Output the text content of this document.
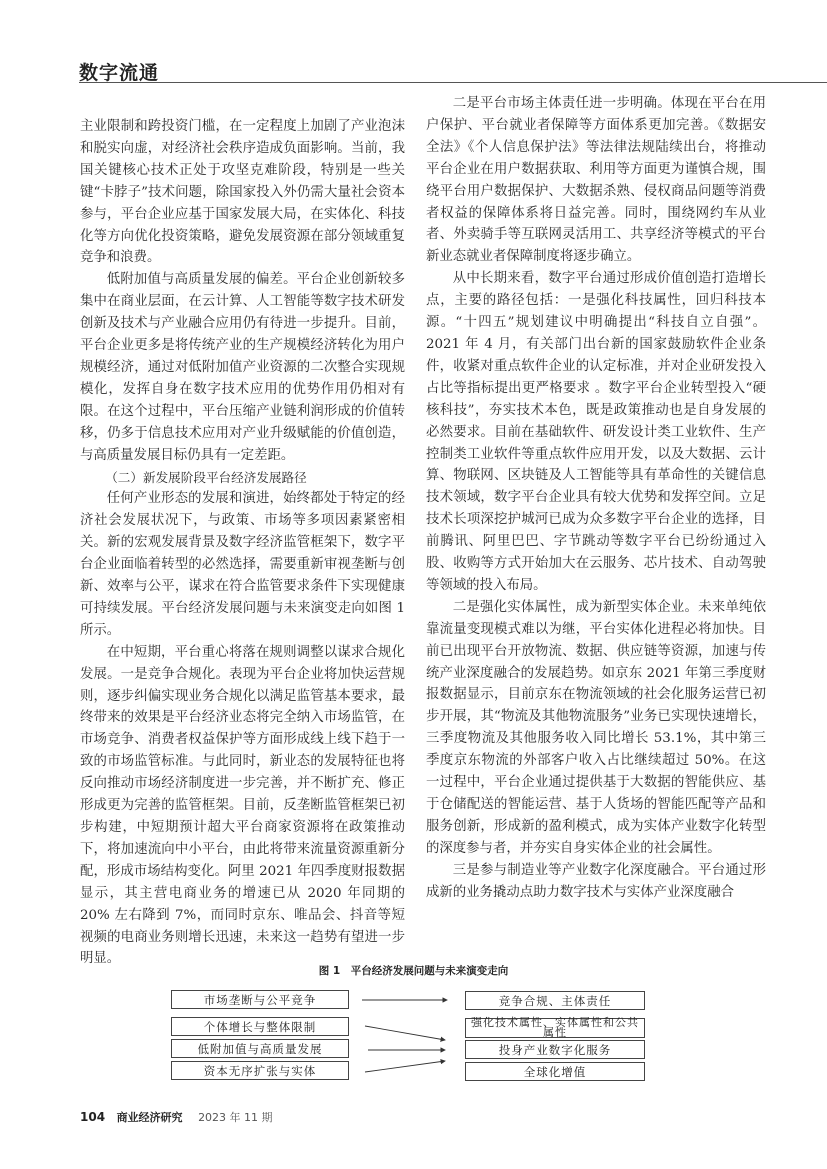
数字流通

主业限制和跨投资门槛，在一定程度上加剧了产业泡沫和脱实向虚，对经济社会秩序造成负面影响。当前，我国关键核心技术正处于攻坚克难阶段，特别是一些关键“卡脖子”技术问题，除国家投入外仍需大量社会资本参与，平台企业应基于国家发展大局，在实体化、科技化等方向优化投资策略，避免发展资源在部分领域重复竞争和浪费。

低附加值与高质量发展的偏差。平台企业创新较多集中在商业层面，在云计算、人工智能等数字技术研发创新及技术与产业融合应用仍有待进一步提升。目前，平台企业更多是将传统产业的生产规模经济转化为用户规模经济，通过对低附加值产业资源的二次整合实现规模化，发挥自身在数字技术应用的优势作用仍相对有限。在这个过程中，平台压缩产业链利润形成的价值转移，仍多于信息技术应用对产业升级赋能的价值创造，与高质量发展目标仍具有一定差距。

（二）新发展阶段平台经济发展路径

任何产业形态的发展和演进，始终都处于特定的经济社会发展状况下，与政策、市场等多项因素紧密相关。新的宏观发展背景及数字经济监管框架下，数字平台企业面临着转型的必然选择，需要重新审视垄断与创新、效率与公平，谋求在符合监管要求条件下实现健康可持续发展。平台经济发展问题与未来演变走向如图 1 所示。

在中短期，平台重心将落在规则调整以谋求合规化发展。一是竞争合规化。表现为平台企业将加快运营规则，逐步纠偏实现业务合规化以满足监管基本要求，最终带来的效果是平台经济业态将完全纳入市场监管，在市场竞争、消费者权益保护等方面形成线上线下趋于一致的市场监管标准。与此同时，新业态的发展特征也将反向推动市场经济制度进一步完善，并不断扩充、修正形成更为完善的监管框架。目前，反垄断监管框架已初步构建，中短期预计超大平台商家资源将在政策推动下，将加速流向中小平台，由此将带来流量资源重新分配，形成市场结构变化。阿里 2021 年四季度财报数据显示，其主营电商业务的增速已从 2020 年同期的 20% 左右降到 7%，而同时京东、唯品会、抖音等短视频的电商业务则增长迅速，未来这一趋势有望进一步明显。

二是平台市场主体责任进一步明确。体现在平台在用户保护、平台就业者保障等方面体系更加完善。《数据安全法》《个人信息保护法》等法律法规陆续出台，将推动平台企业在用户数据获取、利用等方面更为谨慎合规，围绕平台用户数据保护、大数据杀熟、侵权商品问题等消费者权益的保障体系将日益完善。同时，围绕网约车从业者、外卖骑手等互联网灵活用工、共享经济等模式的平台新业态就业者保障制度将逐步确立。

从中长期来看，数字平台通过形成价值创造打造增长点，主要的路径包括：一是强化科技属性，回归科技本源。“十四五”规划建议中明确提出“科技自立自强”。2021 年 4 月，有关部门出台新的国家鼓励软件企业条件，收紧对重点软件企业的认定标准，并对企业研发投入占比等指标提出更严格要求 。数字平台企业转型投入“硬核科技”，夯实技术本色，既是政策推动也是自身发展的必然要求。目前在基础软件、研发设计类工业软件、生产控制类工业软件等重点软件应用开发，以及大数据、云计算、物联网、区块链及人工智能等具有革命性的关键信息技术领域，数字平台企业具有较大优势和发挥空间。立足技术长项深挖护城河已成为众多数字平台企业的选择，目前腾讯、阿里巴巴、字节跳动等数字平台已纷纷通过入股、收购等方式开始加大在云服务、芯片技术、自动驾驶等领域的投入布局。

二是强化实体属性，成为新型实体企业。未来单纯依靠流量变现模式难以为继，平台实体化进程必将加快。目前已出现平台开放物流、数据、供应链等资源，加速与传统产业深度融合的发展趋势。如京东 2021 年第三季度财报数据显示，目前京东在物流领域的社会化服务运营已初步开展，其“物流及其他物流服务”业务已实现快速增长，三季度物流及其他服务收入同比增长 53.1%，其中第三季度京东物流的外部客户收入占比继续超过 50%。在这一过程中，平台企业通过提供基于大数据的智能供应、基于仓储配送的智能运营、基于人货场的智能匹配等产品和服务创新，形成新的盈利模式，成为实体产业数字化转型的深度参与者，并夯实自身实体企业的社会属性。

三是参与制造业等产业数字化深度融合。平台通过形成新的业务撬动点助力数字技术与实体产业深度融合

图 1　平台经济发展问题与未来演变走向
市场垄断与公平竞争
个体增长与整体限制
低附加值与高质量发展
资本无序扩张与实体
竞争合规、主体责任
强化技术属性、实体属性和公共属性
投身产业数字化服务
全球化增值
104 商业经济研究 2023 年 11 期
